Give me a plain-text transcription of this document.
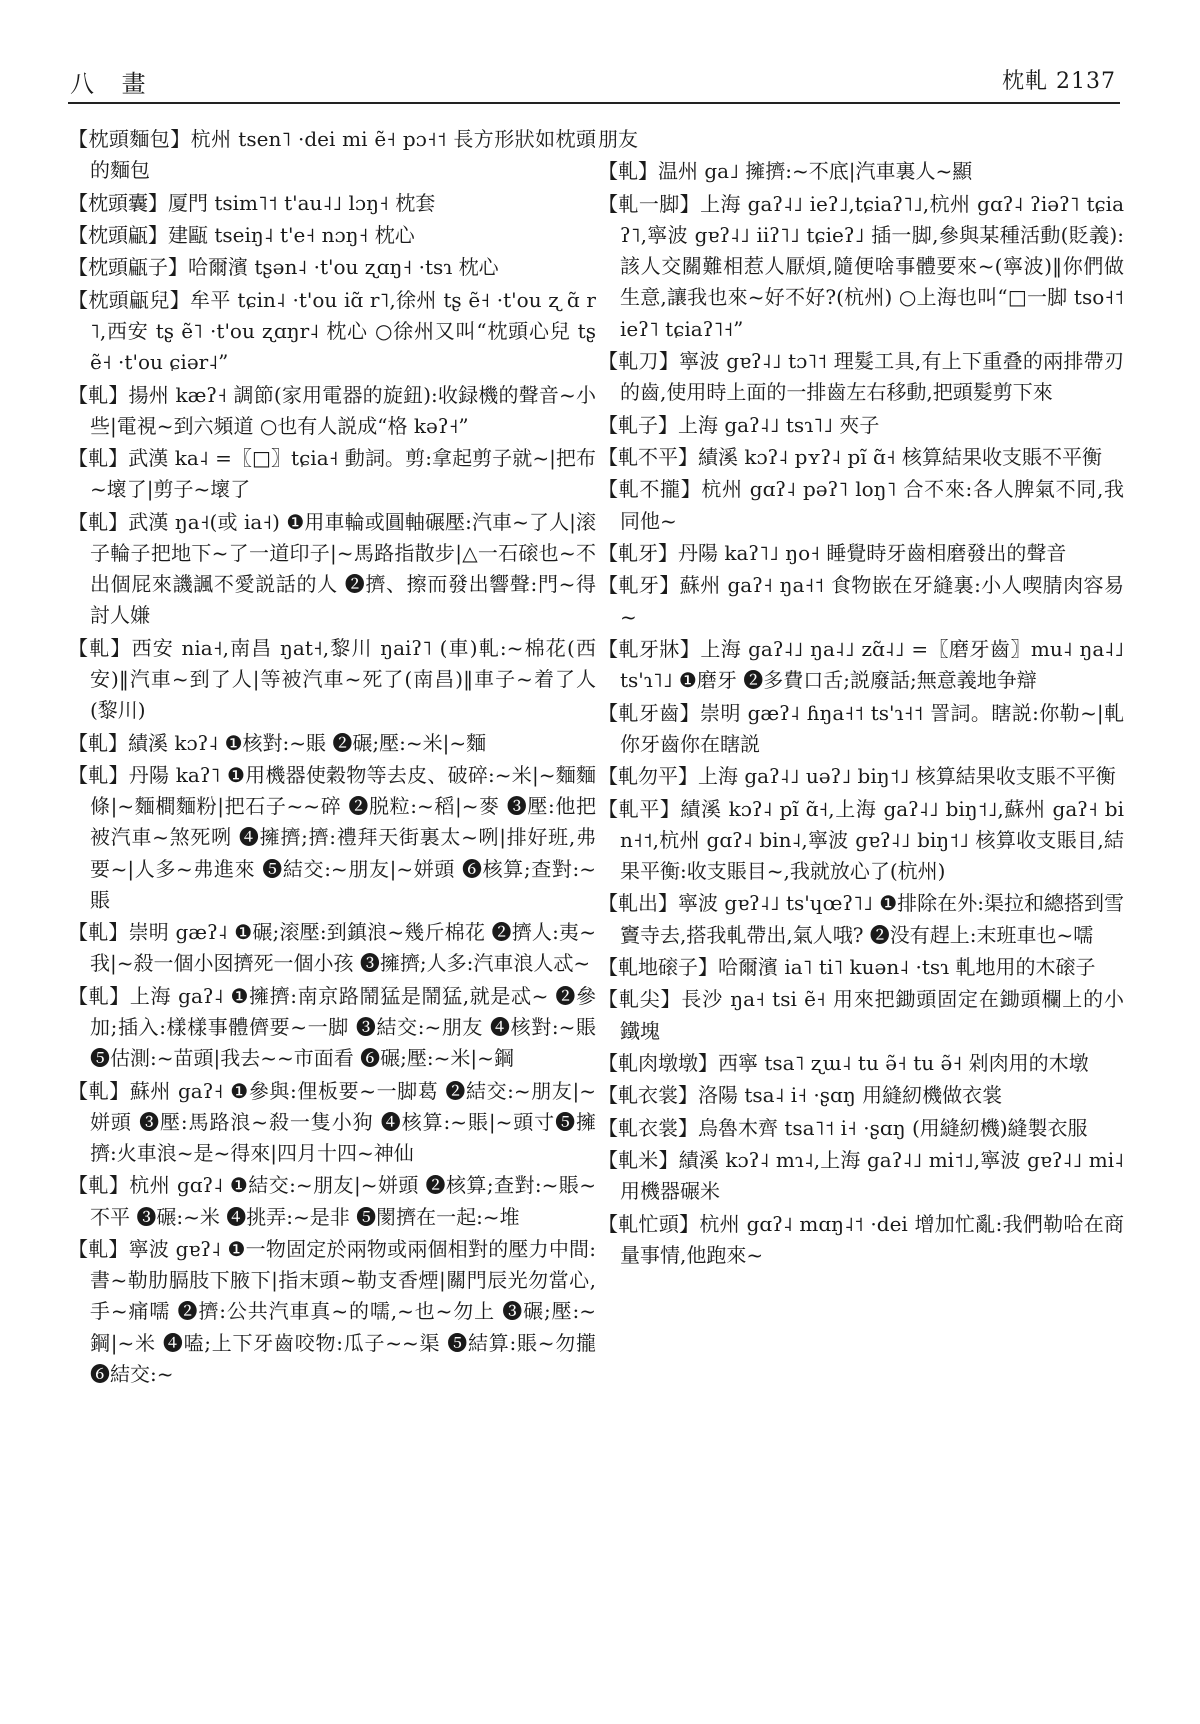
八 畫	枕軋 2137

【枕頭麵包】杭州 tsen˥ ·dei mi ẽ˧ pɔ˧˦ 長方形狀如枕頭的麵包

【枕頭囊】厦門 tsim˥˦ t'au˨˩ lɔŋ˧ 枕套

【枕頭甂】建甌 tseiŋ˨ t'e˧ nɔŋ˧ 枕心

【枕頭甂子】哈爾濱 tʂən˨ ·t'ou ʐɑŋ˧ ·tsɿ 枕心

【枕頭甂兒】牟平 tɕin˨ ·t'ou iɑ̃ r˥,徐州 tʂ ẽ˧ ·t'ou ʐ ɑ̃ r˥,西安 tʂ ẽ˥ ·t'ou ʐɑŋr˨ 枕心 ○徐州又叫“枕頭心兒 tʂ ẽ˧ ·t'ou ɕiər˨”

【軋】揚州 kæʔ˧ 調節(家用電器的旋鈕):收録機的聲音~小些|電視~到六頻道 ○也有人説成“格 kəʔ˧”

【軋】武漢 ka˨ =〖□〗tɕia˧ 動詞。剪:拿起剪子就~|把布~壞了|剪子~壞了

【軋】武漢 ŋa˧(或 ia˧) ❶用車輪或圓軸碾壓:汽車~了人|滚子輪子把地下~了一道印子|~馬路指散步|△一石磙也~不出個屁來譏諷不愛説話的人 ❷擠、擦而發出響聲:門~得討人嫌

【軋】西安 nia˧,南昌 ŋat˧,黎川 ŋaiʔ˥ (車)軋:~棉花(西安)‖汽車~到了人|等被汽車~死了(南昌)‖車子~着了人(黎川)

【軋】績溪 kɔʔ˨ ❶核對:~賬 ❷碾;壓:~米|~麵

【軋】丹陽 kaʔ˥ ❶用機器使穀物等去皮、破碎:~米|~麵麵條|~麵橺麵粉|把石子~~碎 ❷脱粒:~稻|~麥 ❸壓:他把被汽車~煞死咧 ❹擁擠;擠:禮拜天街裏太~咧|排好班,弗要~|人多~弗進來 ❺結交:~朋友|~姘頭 ❻核算;查對:~賬

【軋】崇明 gæʔ˨ ❶碾;滚壓:到鎮浪~幾斤棉花 ❷擠人:夷~我|~殺一個小囡擠死一個小孩 ❸擁擠;人多:汽車浪人忒~

【軋】上海 gaʔ˨ ❶擁擠:南京路鬧猛是鬧猛,就是忒~ ❷參加;插入:樣樣事體儕要~一脚 ❸結交:~朋友 ❹核對:~賬 ❺估測:~苗頭|我去~~市面看 ❻碾;壓:~米|~鋼

【軋】蘇州 gaʔ˧ ❶參與:俚板要~一脚葛 ❷結交:~朋友|~姘頭 ❸壓:馬路浪~殺一隻小狗 ❹核算:~賬|~頭寸❺擁擠:火車浪~是~得來|四月十四~神仙

【軋】杭州 gɑʔ˨ ❶結交:~朋友|~姘頭 ❷核算;查對:~賬~不平 ❸碾:~米 ❹挑弄:~是非 ❺閡擠在一起:~堆

【軋】寧波 gɐʔ˨ ❶一物固定於兩物或兩個相對的壓力中間:書~勒肋膈肢下腋下|指末頭~勒支香煙|關門辰光勿當心,手~痛嚅 ❷擠:公共汽車真~的嚅,~也~勿上 ❸碾;壓:~鋼|~米 ❹嗑;上下牙齒咬物:瓜子~~渠 ❺結算:賬~勿攏 ❻結交:~

朋友

【軋】温州 ga˩ 擁擠:~不底|汽車裏人~顯

【軋一脚】上海 gaʔ˨˩ ieʔ˩,tɕiaʔ˥˩,杭州 gɑʔ˨ ʔiəʔ˥ tɕiaʔ˥,寧波 gɐʔ˨˩ iiʔ˥˩ tɕieʔ˩ 插一脚,參與某種活動(貶義):該人交關難相惹人厭煩,隨便啥事體要來~(寧波)‖你們做生意,讓我也來~好不好?(杭州) ○上海也叫“□一脚 tso˧˦ ieʔ˥ tɕiaʔ˥˧”

【軋刀】寧波 gɐʔ˨˩ tɔ˥˦ 理髮工具,有上下重叠的兩排帶刃的齒,使用時上面的一排齒左右移動,把頭髮剪下來

【軋子】上海 gaʔ˨˩ tsɿ˥˩ 夾子

【軋不平】績溪 kɔʔ˨ pʏʔ˨ pĩ ɑ̃˧ 核算結果收支賬不平衡

【軋不攏】杭州 gɑʔ˨ pəʔ˥ loŋ˥ 合不來:各人脾氣不同,我同他~

【軋牙】丹陽 kaʔ˥˩ ŋo˧ 睡覺時牙齒相磨發出的聲音

【軋牙】蘇州 gaʔ˧ ŋa˧˦ 食物嵌在牙縫裏:小人喫腈肉容易~

【軋牙牀】上海 gaʔ˨˩ ŋa˨˩ zɑ̃˨˩ =〖磨牙齒〗mu˨ ŋa˨˩ ts'ɿ˥˩ ❶磨牙 ❷多費口舌;説廢話;無意義地争辯

【軋牙齒】崇明 gæʔ˨ ɦŋa˧˦ ts'ɿ˧˦ 詈詞。瞎説:你勒~|軋你牙齒你在瞎説

【軋勿平】上海 gaʔ˨˩ uəʔ˩ biŋ˦˩ 核算結果收支賬不平衡

【軋平】績溪 kɔʔ˨ pĩ ɑ̃˧,上海 gaʔ˨˩ biŋ˦˩,蘇州 gaʔ˧ bin˧˦,杭州 gɑʔ˨ bin˨,寧波 gɐʔ˨˩ biŋ˦˩ 核算收支賬目,結果平衡:收支賬目~,我就放心了(杭州)

【軋出】寧波 gɐʔ˨˩ ts'ɥœʔ˥˩ ❶排除在外:渠拉和總搭到雪竇寺去,搭我軋帶出,氣人哦? ❷没有趕上:末班車也~嚅

【軋地磙子】哈爾濱 ia˥ ti˥ kuən˨ ·tsɿ 軋地用的木磙子

【軋尖】長沙 ŋa˧ tsi ẽ˧ 用來把鋤頭固定在鋤頭欄上的小鐵塊

【軋肉墩墩】西寧 tsa˥ ʐɯ˨ tu ə̃˧ tu ə̃˧ 剁肉用的木墩

【軋衣裳】洛陽 tsa˨ i˧ ·ʂɑŋ 用縫紉機做衣裳

【軋衣裳】烏魯木齊 tsa˥˦ i˧ ·ʂɑŋ (用縫紉機)縫製衣服

【軋米】績溪 kɔʔ˨ mɿ˨,上海 gaʔ˨˩ mi˦˩,寧波 gɐʔ˨˩ mi˨ 用機器碾米

【軋忙頭】杭州 gɑʔ˨ mɑŋ˨˦ ·dei 增加忙亂:我們勒哈在商量事情,他跑來~
